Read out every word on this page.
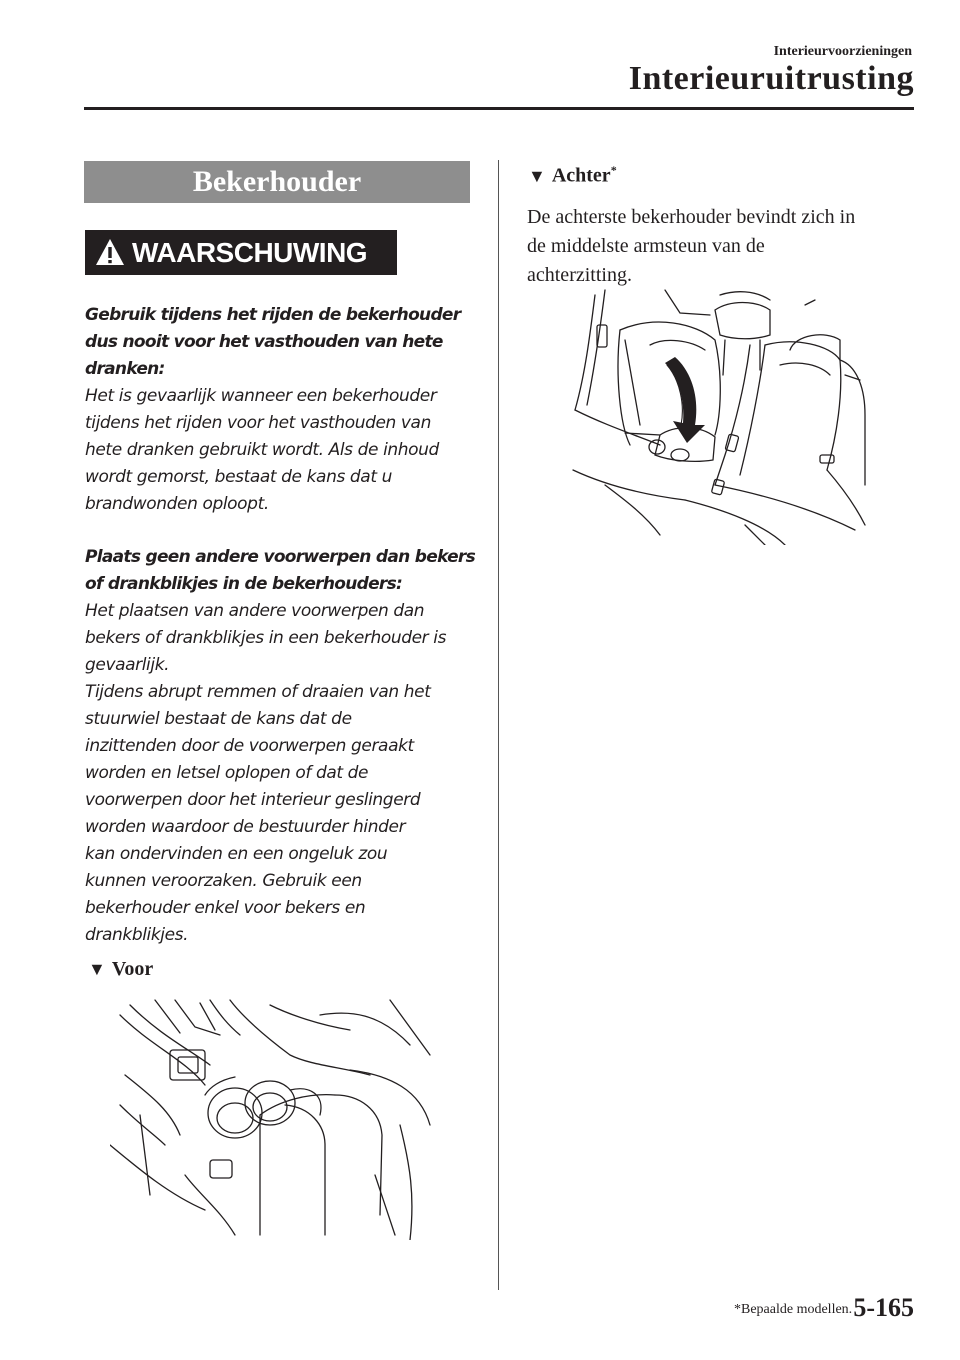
Interieurvoorzieningen
Interieuruitrusting
Bekerhouder
WAARSCHUWING

Gebruik tijdens het rijden de bekerhouder
dus nooit voor het vasthouden van hete
dranken:

Het is gevaarlijk wanneer een bekerhouder
tijdens het rijden voor het vasthouden van
hete dranken gebruikt wordt. Als de inhoud
wordt gemorst, bestaat de kans dat u
brandwonden oploopt.

Plaats geen andere voorwerpen dan bekers
of drankblikjes in de bekerhouders:

Het plaatsen van andere voorwerpen dan
bekers of drankblikjes in een bekerhouder is
gevaarlijk.
Tijdens abrupt remmen of draaien van het
stuurwiel bestaat de kans dat de
inzittenden door de voorwerpen geraakt
worden en letsel oplopen of dat de
voorwerpen door het interieur geslingerd
worden waardoor de bestuurder hinder
kan ondervinden en een ongeluk zou
kunnen veroorzaken. Gebruik een
bekerhouder enkel voor bekers en
drankblikjes.

▼ Voor
▼ Achter*

De achterste bekerhouder bevindt zich in
de middelste armsteun van de
achterzitting.

*Bepaalde modellen. 5-165
